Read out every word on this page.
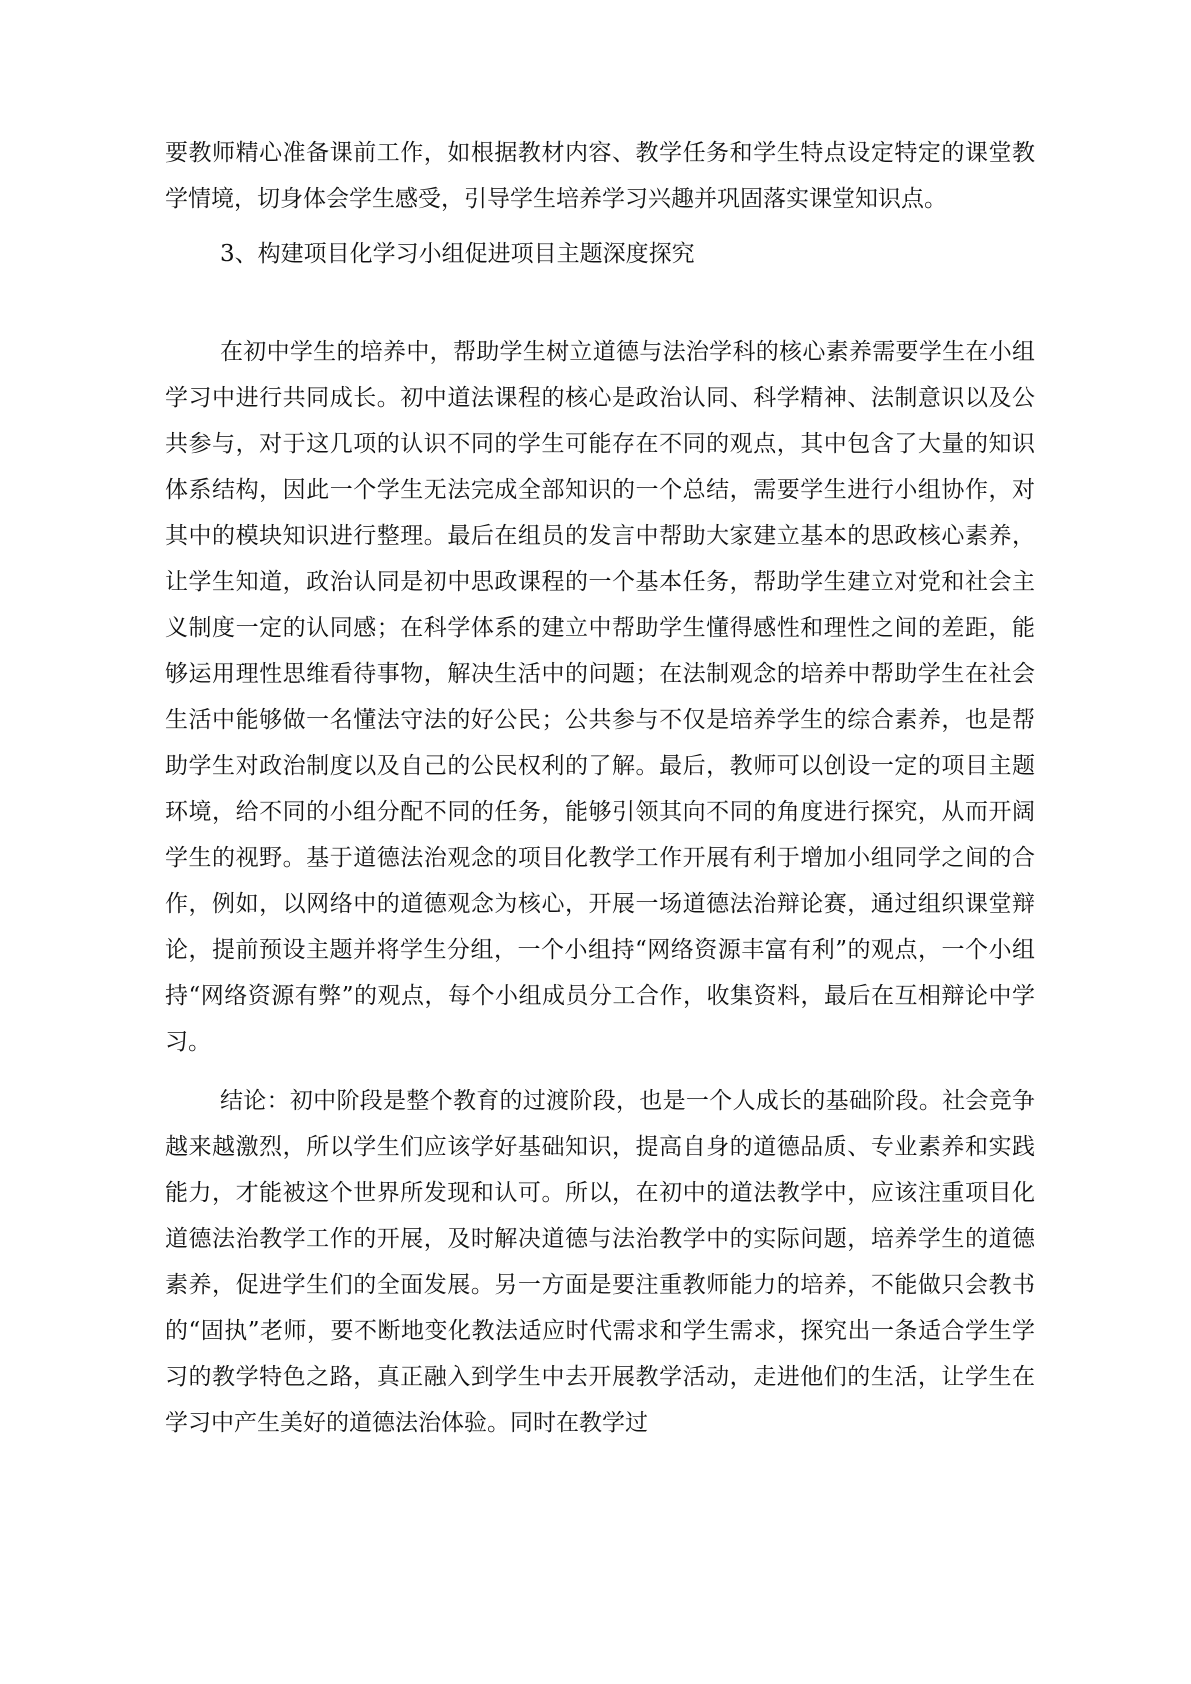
要教师精心准备课前工作，如根据教材内容、教学任务和学生特点设定特定的课堂教学情境，切身体会学生感受，引导学生培养学习兴趣并巩固落实课堂知识点。

3、构建项目化学习小组促进项目主题深度探究

在初中学生的培养中，帮助学生树立道德与法治学科的核心素养需要学生在小组学习中进行共同成长。初中道法课程的核心是政治认同、科学精神、法制意识以及公共参与，对于这几项的认识不同的学生可能存在不同的观点，其中包含了大量的知识体系结构，因此一个学生无法完成全部知识的一个总结，需要学生进行小组协作，对其中的模块知识进行整理。最后在组员的发言中帮助大家建立基本的思政核心素养，让学生知道，政治认同是初中思政课程的一个基本任务，帮助学生建立对党和社会主义制度一定的认同感；在科学体系的建立中帮助学生懂得感性和理性之间的差距，能够运用理性思维看待事物，解决生活中的问题；在法制观念的培养中帮助学生在社会生活中能够做一名懂法守法的好公民；公共参与不仅是培养学生的综合素养，也是帮助学生对政治制度以及自己的公民权利的了解。最后，教师可以创设一定的项目主题环境，给不同的小组分配不同的任务，能够引领其向不同的角度进行探究，从而开阔学生的视野。基于道德法治观念的项目化教学工作开展有利于增加小组同学之间的合作，例如，以网络中的道德观念为核心，开展一场道德法治辩论赛，通过组织课堂辩论，提前预设主题并将学生分组，一个小组持“网络资源丰富有利”的观点，一个小组持“网络资源有弊”的观点，每个小组成员分工合作，收集资料，最后在互相辩论中学习。

结论：初中阶段是整个教育的过渡阶段，也是一个人成长的基础阶段。社会竞争越来越激烈，所以学生们应该学好基础知识，提高自身的道德品质、专业素养和实践能力，才能被这个世界所发现和认可。所以，在初中的道法教学中，应该注重项目化道德法治教学工作的开展，及时解决道德与法治教学中的实际问题，培养学生的道德素养，促进学生们的全面发展。另一方面是要注重教师能力的培养，不能做只会教书的“固执”老师，要不断地变化教法适应时代需求和学生需求，探究出一条适合学生学习的教学特色之路，真正融入到学生中去开展教学活动，走进他们的生活，让学生在学习中产生美好的道德法治体验。同时在教学过
